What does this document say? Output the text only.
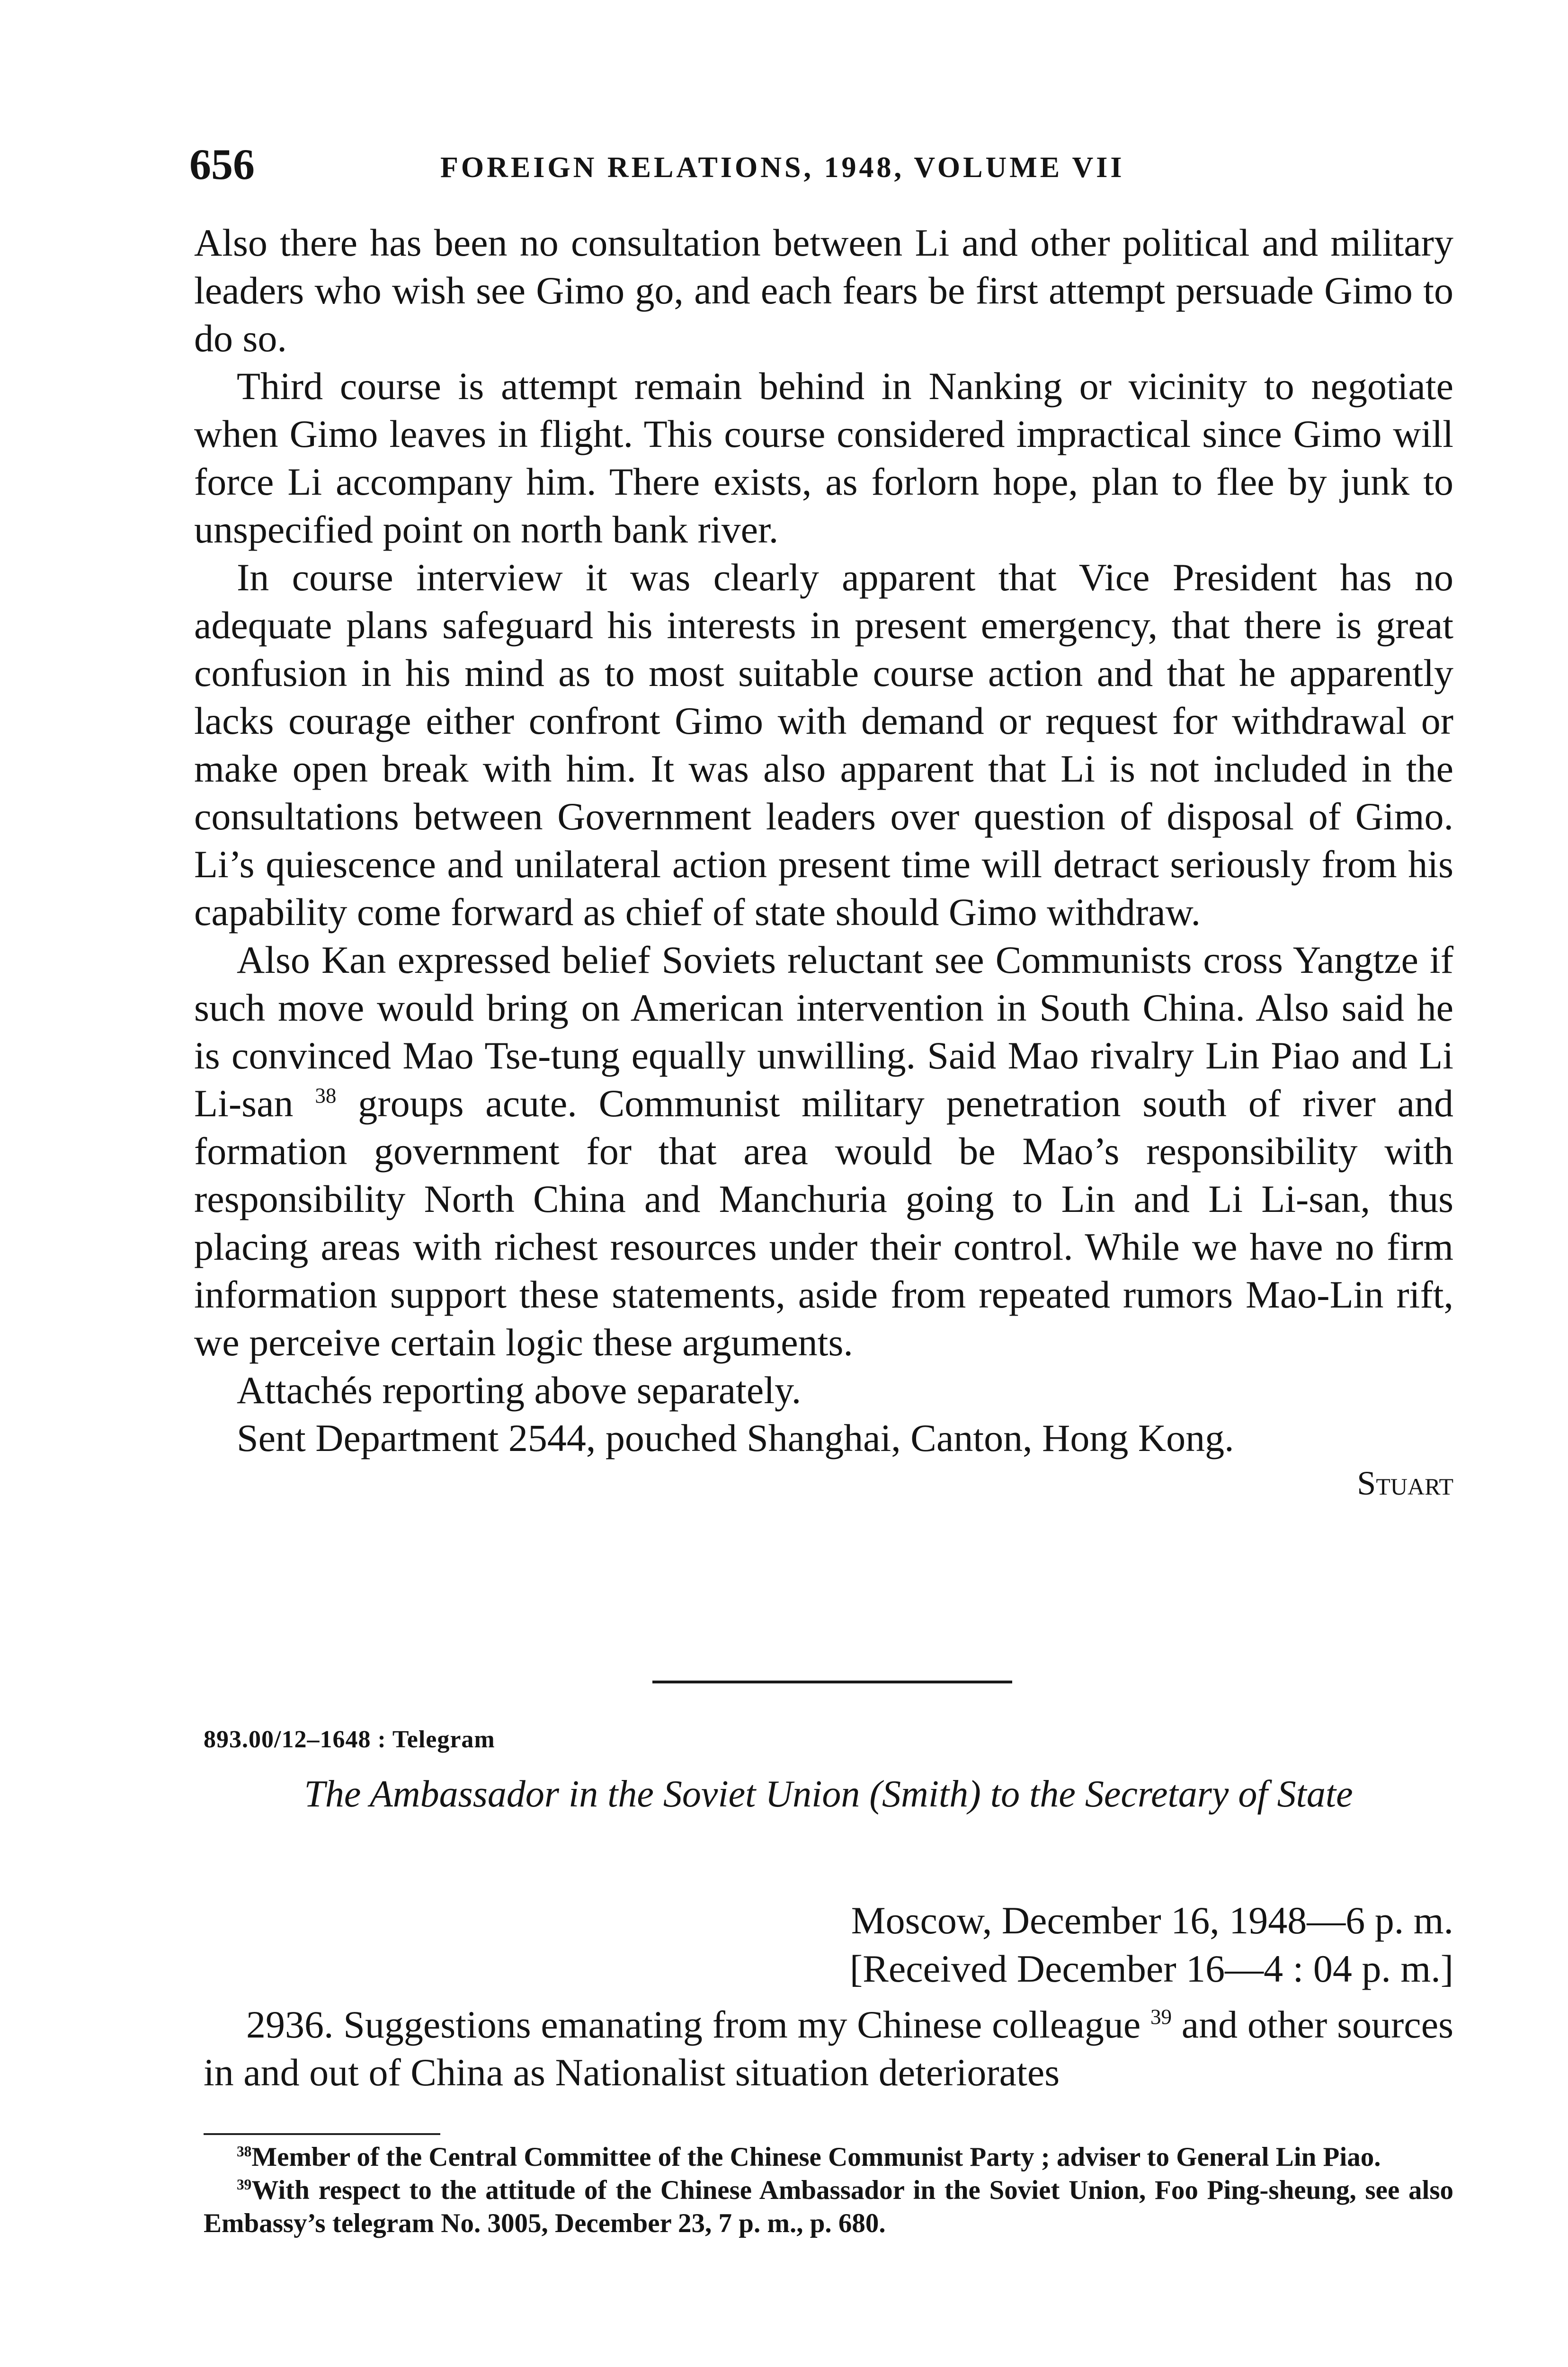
656	FOREIGN RELATIONS, 1948, VOLUME VII

Also there has been no consultation between Li and other political and military leaders who wish see Gimo go, and each fears be first attempt persuade Gimo to do so.

Third course is attempt remain behind in Nanking or vicinity to negotiate when Gimo leaves in flight. This course considered impractical since Gimo will force Li accompany him. There exists, as forlorn hope, plan to flee by junk to unspecified point on north bank river.

In course interview it was clearly apparent that Vice President has no adequate plans safeguard his interests in present emergency, that there is great confusion in his mind as to most suitable course action and that he apparently lacks courage either confront Gimo with demand or request for withdrawal or make open break with him. It was also apparent that Li is not included in the consultations between Government leaders over question of disposal of Gimo. Li’s quiescence and unilateral action present time will detract seriously from his capability come forward as chief of state should Gimo withdraw.

Also Kan expressed belief Soviets reluctant see Communists cross Yangtze if such move would bring on American intervention in South China. Also said he is convinced Mao Tse-tung equally unwilling. Said Mao rivalry Lin Piao and Li Li-san $^{38}$ groups acute. Communist military penetration south of river and formation government for that area would be Mao’s responsibility with responsibility North China and Manchuria going to Lin and Li Li-san, thus placing areas with richest resources under their control. While we have no firm information support these statements, aside from repeated rumors Mao-Lin rift, we perceive certain logic these arguments.

Attachés reporting above separately.

Sent Department 2544, pouched Shanghai, Canton, Hong Kong.

Stuart
893.00/12–1648 : Telegram
The Ambassador in the Soviet Union (Smith) to the Secretary of State
Moscow, December 16, 1948—6 p. m.
[Received December 16—4 : 04 p. m.]

2936. Suggestions emanating from my Chinese colleague $^{39}$ and other sources in and out of China as Nationalist situation deteriorates

$^{38}$Member of the Central Committee of the Chinese Communist Party ; adviser to General Lin Piao.

$^{39}$With respect to the attitude of the Chinese Ambassador in the Soviet Union, Foo Ping-sheung, see also Embassy’s telegram No. 3005, December 23, 7 p. m., p. 680.
